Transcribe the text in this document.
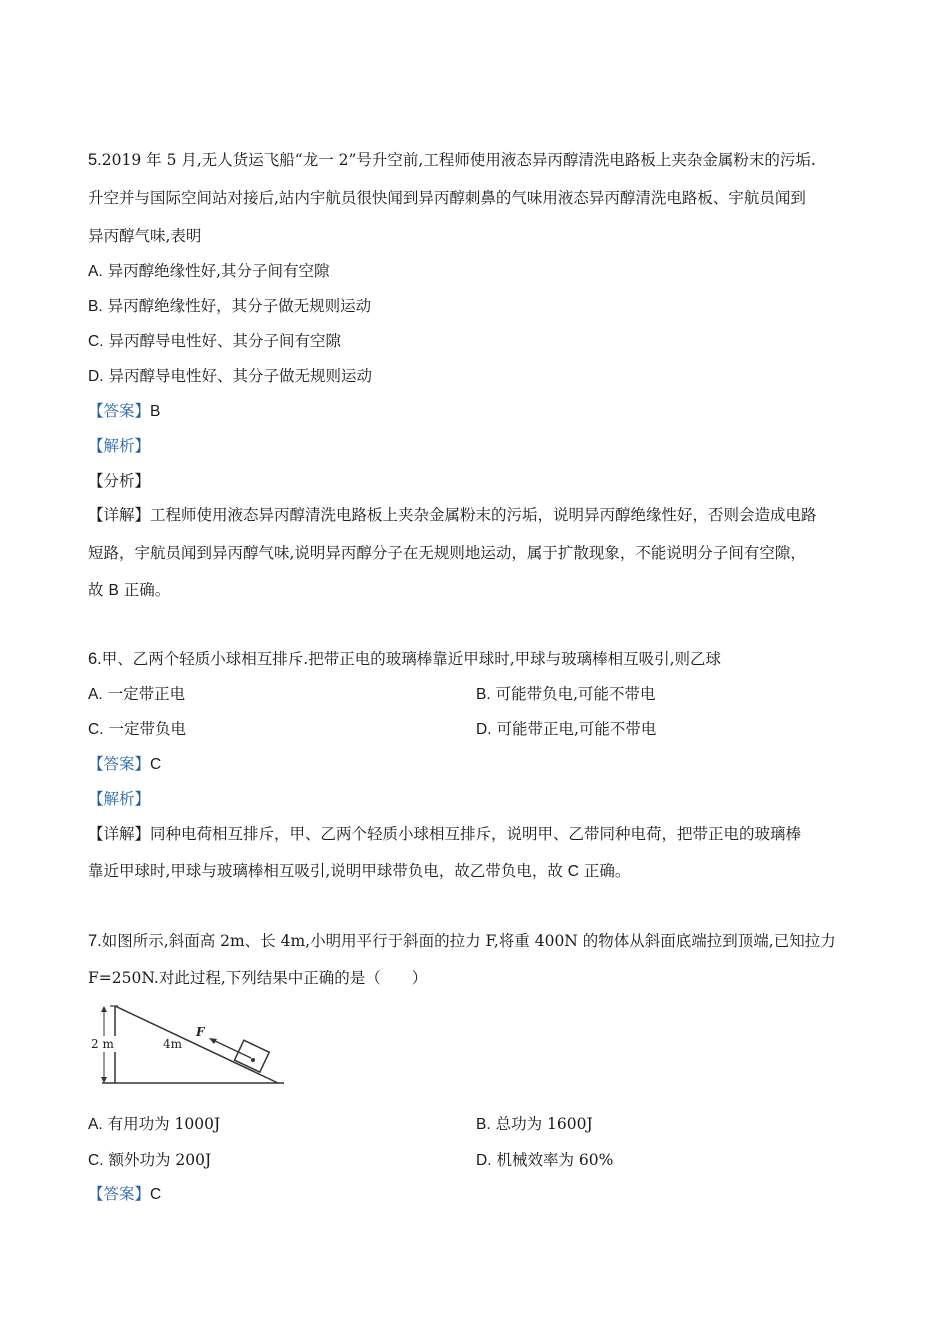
5.2019 年 5 月,无人货运飞船“龙一 2”号升空前,工程师使用液态异丙醇清洗电路板上夹杂金属粉末的污垢.
升空并与国际空间站对接后,站内宇航员很快闻到异丙醇刺鼻的气味用液态异丙醇清洗电路板、宇航员闻到
异丙醇气味,表明
A. 异丙醇绝缘性好,其分子间有空隙
B. 异丙醇绝缘性好，其分子做无规则运动
C. 异丙醇导电性好、其分子间有空隙
D. 异丙醇导电性好、其分子做无规则运动
【答案】B
【解析】
【分析】
【详解】工程师使用液态异丙醇清洗电路板上夹杂金属粉末的污垢，说明异丙醇绝缘性好，否则会造成电路
短路，宇航员闻到异丙醇气味,说明异丙醇分子在无规则地运动，属于扩散现象，不能说明分子间有空隙，
故 B 正确。
6.甲、乙两个轻质小球相互排斥.把带正电的玻璃棒靠近甲球时,甲球与玻璃棒相互吸引,则乙球
A. 一定带正电	B. 可能带负电,可能不带电
C. 一定带负电	D. 可能带正电,可能不带电
【答案】C
【解析】
【详解】同种电荷相互排斥，甲、乙两个轻质小球相互排斥，说明甲、乙带同种电荷，把带正电的玻璃棒
靠近甲球时,甲球与玻璃棒相互吸引,说明甲球带负电，故乙带负电，故 C 正确。
7.如图所示,斜面高 2m、长 4m,小明用平行于斜面的拉力 F,将重 400N 的物体从斜面底端拉到顶端,已知拉力
F=250N.对此过程,下列结果中正确的是（　　）
2 m	4m
F
A. 有用功为 1000J	B. 总功为 1600J
C. 额外功为 200J	D. 机械效率为 60%
【答案】C
